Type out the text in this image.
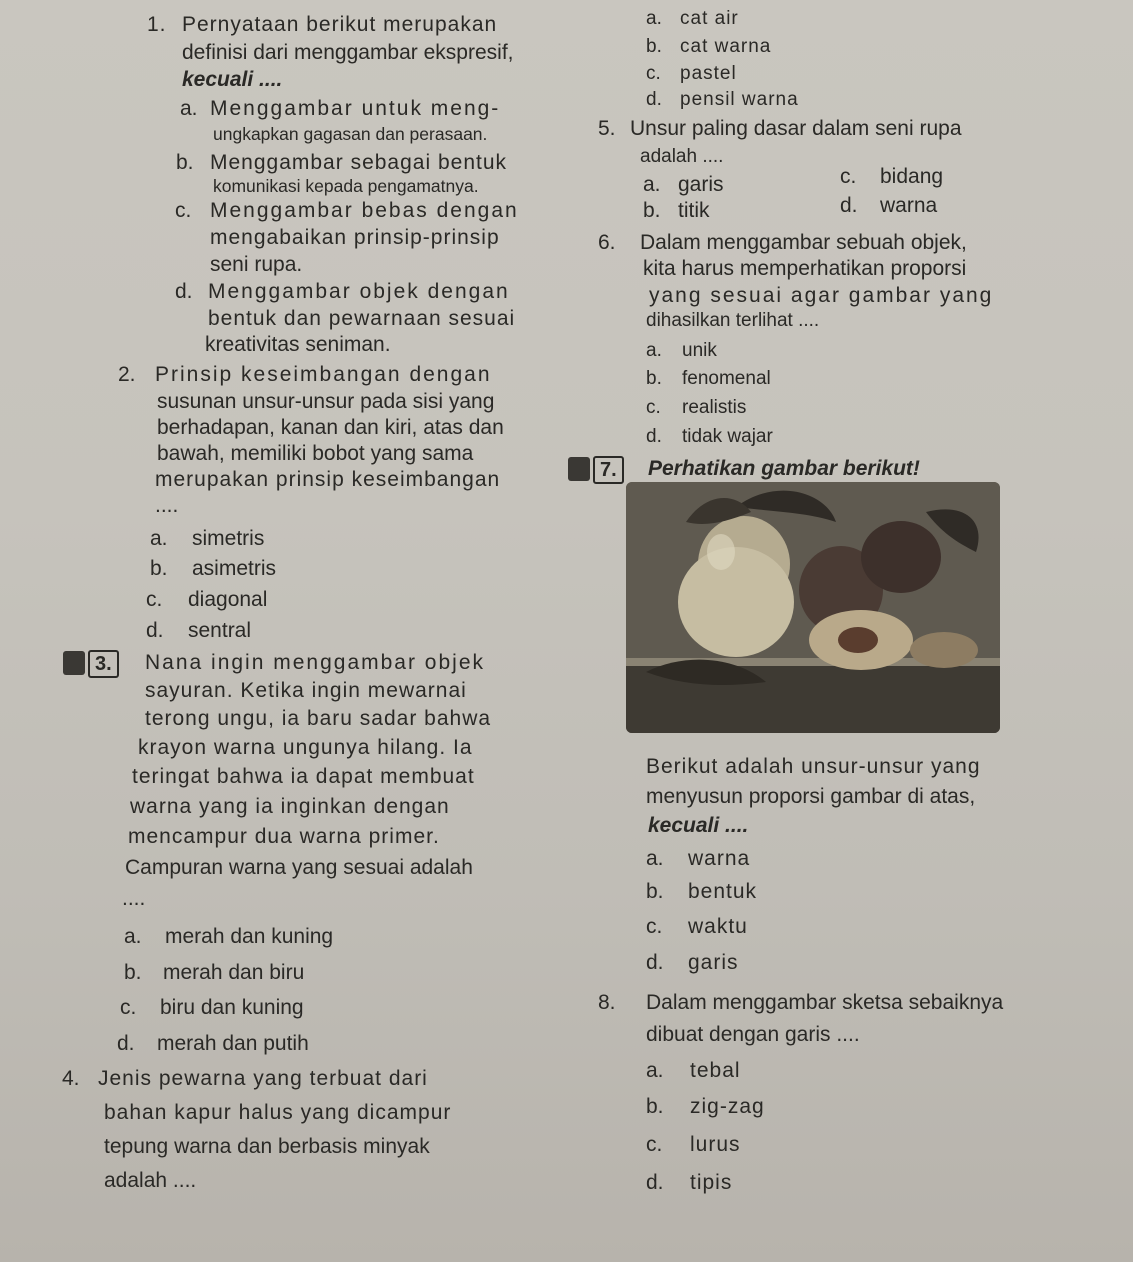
1. Pernyataan berikut merupakan
definisi dari menggambar ekspresif,
kecuali ....
a. Menggambar untuk meng-
ungkapkan gagasan dan perasaan.
b. Menggambar sebagai bentuk
komunikasi kepada pengamatnya.
c. Menggambar bebas dengan
mengabaikan prinsip-prinsip
seni rupa.
d. Menggambar objek dengan
bentuk dan pewarnaan sesuai
kreativitas seniman.
2. Prinsip keseimbangan dengan
susunan unsur-unsur pada sisi yang
berhadapan, kanan dan kiri, atas dan
bawah, memiliki bobot yang sama
merupakan prinsip keseimbangan
....
a. simetris
b. asimetris
c. diagonal
d. sentral
3.	Nana ingin menggambar objek
sayuran. Ketika ingin mewarnai
terong ungu, ia baru sadar bahwa
krayon warna ungunya hilang. Ia
teringat bahwa ia dapat membuat
warna yang ia inginkan dengan
mencampur dua warna primer.
Campuran warna yang sesuai adalah
....
a. merah dan kuning
b. merah dan biru
c. biru dan kuning
d. merah dan putih
4. Jenis pewarna yang terbuat dari
bahan kapur halus yang dicampur
tepung warna dan berbasis minyak
adalah ....
a. cat air
b. cat warna
c. pastel
d. pensil warna
5. Unsur paling dasar dalam seni rupa
adalah ....
a. garis
b. titik
c. bidang
d. warna
6. Dalam menggambar sebuah objek,
kita harus memperhatikan proporsi
yang sesuai agar gambar yang
dihasilkan terlihat ....
a. unik
b. fenomenal
c. realistis
d. tidak wajar
7.	Perhatikan gambar berikut!
Berikut adalah unsur-unsur yang
menyusun proporsi gambar di atas,
kecuali ....
a. warna
b. bentuk
c. waktu
d. garis
8. Dalam menggambar sketsa sebaiknya
dibuat dengan garis ....
a. tebal
b. zig-zag
c. lurus
d. tipis
